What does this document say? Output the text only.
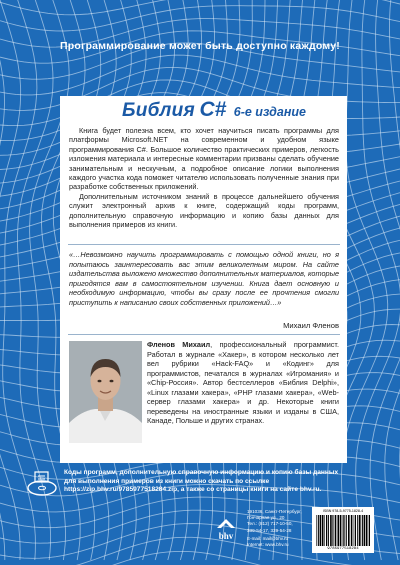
Программирование может быть доступно каждому!
Библия C# 6-е издание

Книга будет полезна всем, кто хочет научиться писать программы для платформы Microsoft.NET на современном и удобном языке программирования C#. Большое количество практических примеров, легкость изложения материала и интересные комментарии призваны сделать обучение занимательным и нескучным, а подробное описание логики выполнения каждого участка кода поможет читателю использовать полученные знания при разработке собственных приложений.

Дополнительным источником знаний в процессе дальнейшего обучения служит электронный архив к книге, содержащий коды программ, дополнительную справочную информацию и копию базы данных для выполнения примеров из книги.

«…Невозможно научить программировать с помощью одной книги, но я попытаюсь заинтересовать вас этим великолепным миром. На сайте издательства выложено множество дополнительных материалов, которые пригодятся вам в самостоятельном изучении. Книга дает основную и необходимую информацию, чтобы вы сразу после ее прочтения смогли приступить к написанию своих собственных приложений…»
Михаил Фленов
Фленов Михаил, профессиональный программист. Работал в журнале «Хакер», в котором несколько лет вел рубрики «Hack-FAQ» и «Кодинг» для программистов, печатался в журналах «Игромания» и «Chip-Россия». Автор бестселлеров «Библия Delphi», «Linux глазами хакера», «PHP глазами хакера», «Web-сервер глазами хакера» и др. Некоторые книги переведены на иностранные языки и изданы в США, Канаде, Польше и других странах.
Коды программ, дополнительную справочную информацию и копию базы данных для выполнения примеров из книги можно скачать по ссылке https://zip.bhv.ru/9785977518284.zip, а также со страницы книги на сайте bhv.ru.
bhv
191036, Санкт-Петербург,
Гончарная ул., 20
Тел.: (812) 717-10-50,
339-54-17, 339-54-28
E-mail: mail@bhv.ru
Internet: www.bhv.ru
ISBN 978-5-9775-1828-4
9785977518284
